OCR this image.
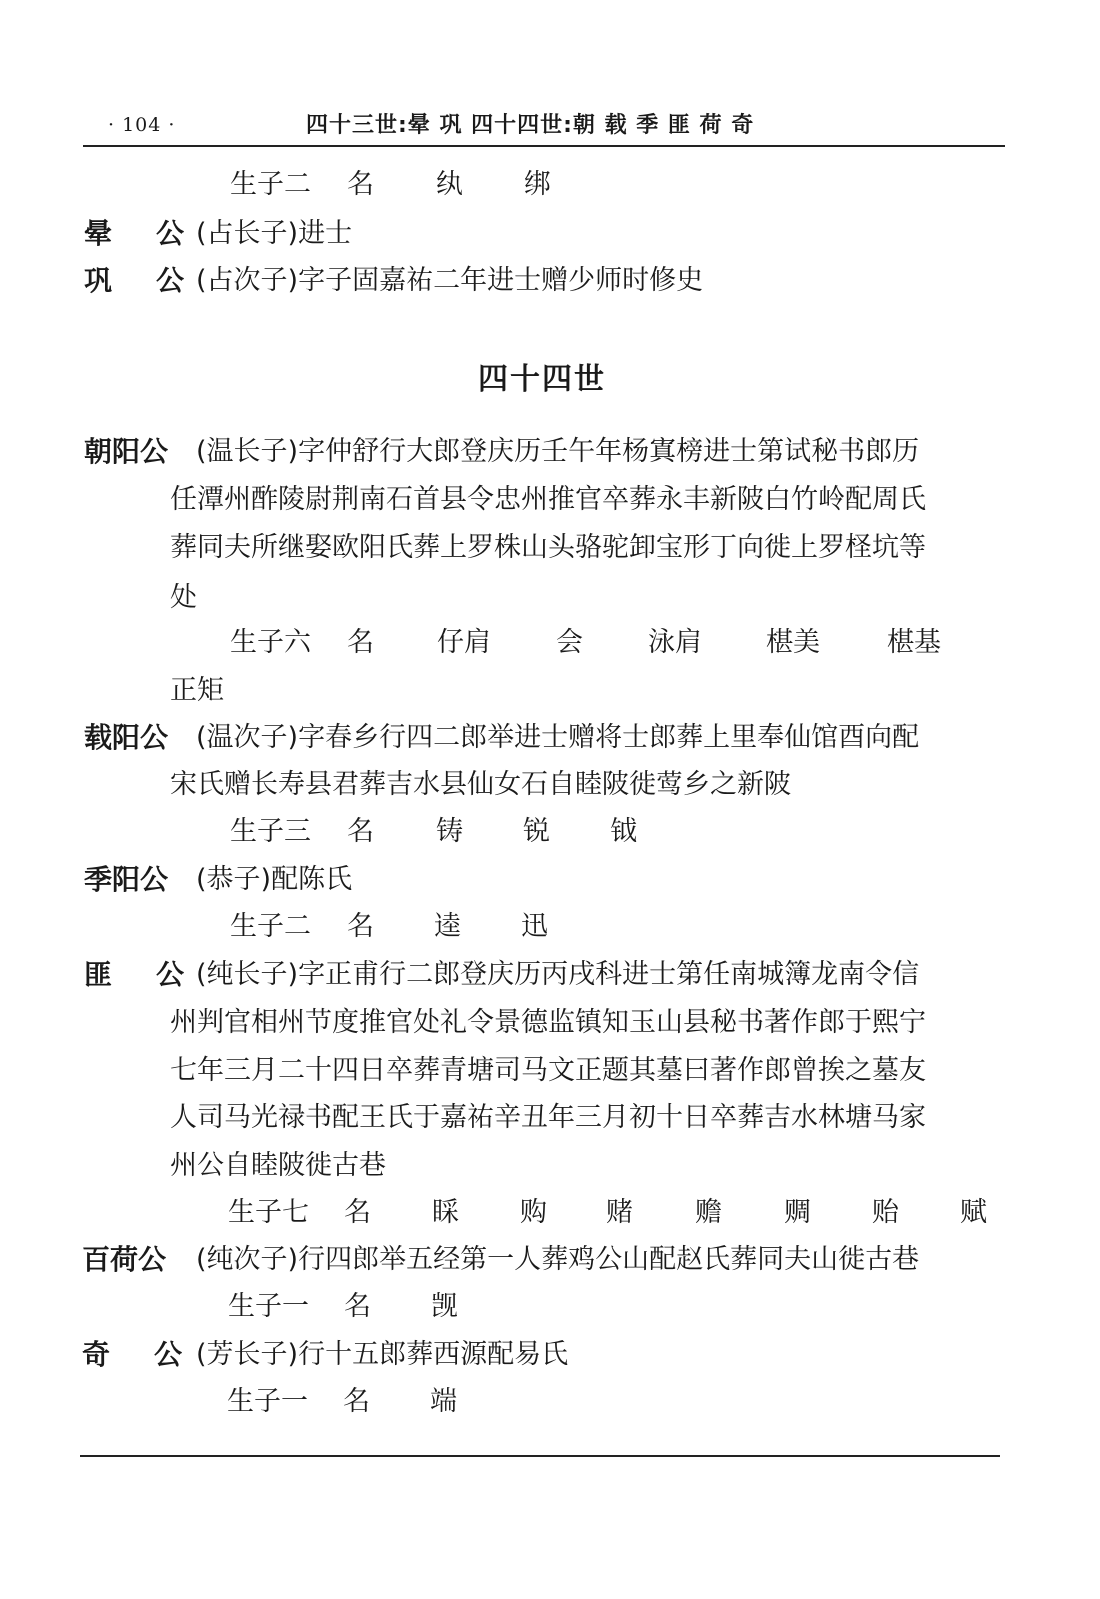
· 104 ·	四十三世:晕 巩 四十四世:朝 载 季 匪 荷 奇
生子二 名 纨 绑
晕 公 (占长子)进士
巩 公 (占次子)字子固嘉祐二年进士赠少师时修史
四十四世
朝阳公 (温长子)字仲舒行大郎登庆历壬午年杨寘榜进士第试秘书郎历
任潭州酢陵尉荆南石首县令忠州推官卒葬永丰新陂白竹岭配周氏
葬同夫所继娶欧阳氏葬上罗株山头骆驼卸宝形丁向徙上罗柽坑等
处
生子六 名 仔肩 会 泳肩 椹美 椹基
正矩
载阳公 (温次子)字春乡行四二郎举进士赠将士郎葬上里奉仙馆酉向配
宋氏赠长寿县君葬吉水县仙女石自睦陂徙莺乡之新陂
生子三 名 铸 锐 钺
季阳公 (恭子)配陈氏
生子二 名 逵 迅
匪 公 (纯长子)字正甫行二郎登庆历丙戌科进士第任南城簿龙南令信
州判官相州节度推官处礼令景德监镇知玉山县秘书著作郎于熙宁
七年三月二十四日卒葬青塘司马文正题其墓曰著作郎曾挨之墓友
人司马光禄书配王氏于嘉祐辛丑年三月初十日卒葬吉水林塘马家
州公自睦陂徙古巷
生子七 名 睬 购 赌 赡 赒 贻 赋
百荷公 (纯次子)行四郎举五经第一人葬鸡公山配赵氏葬同夫山徙古巷
生子一 名 觊
奇 公 (芳长子)行十五郎葬西源配易氏
生子一 名 端
